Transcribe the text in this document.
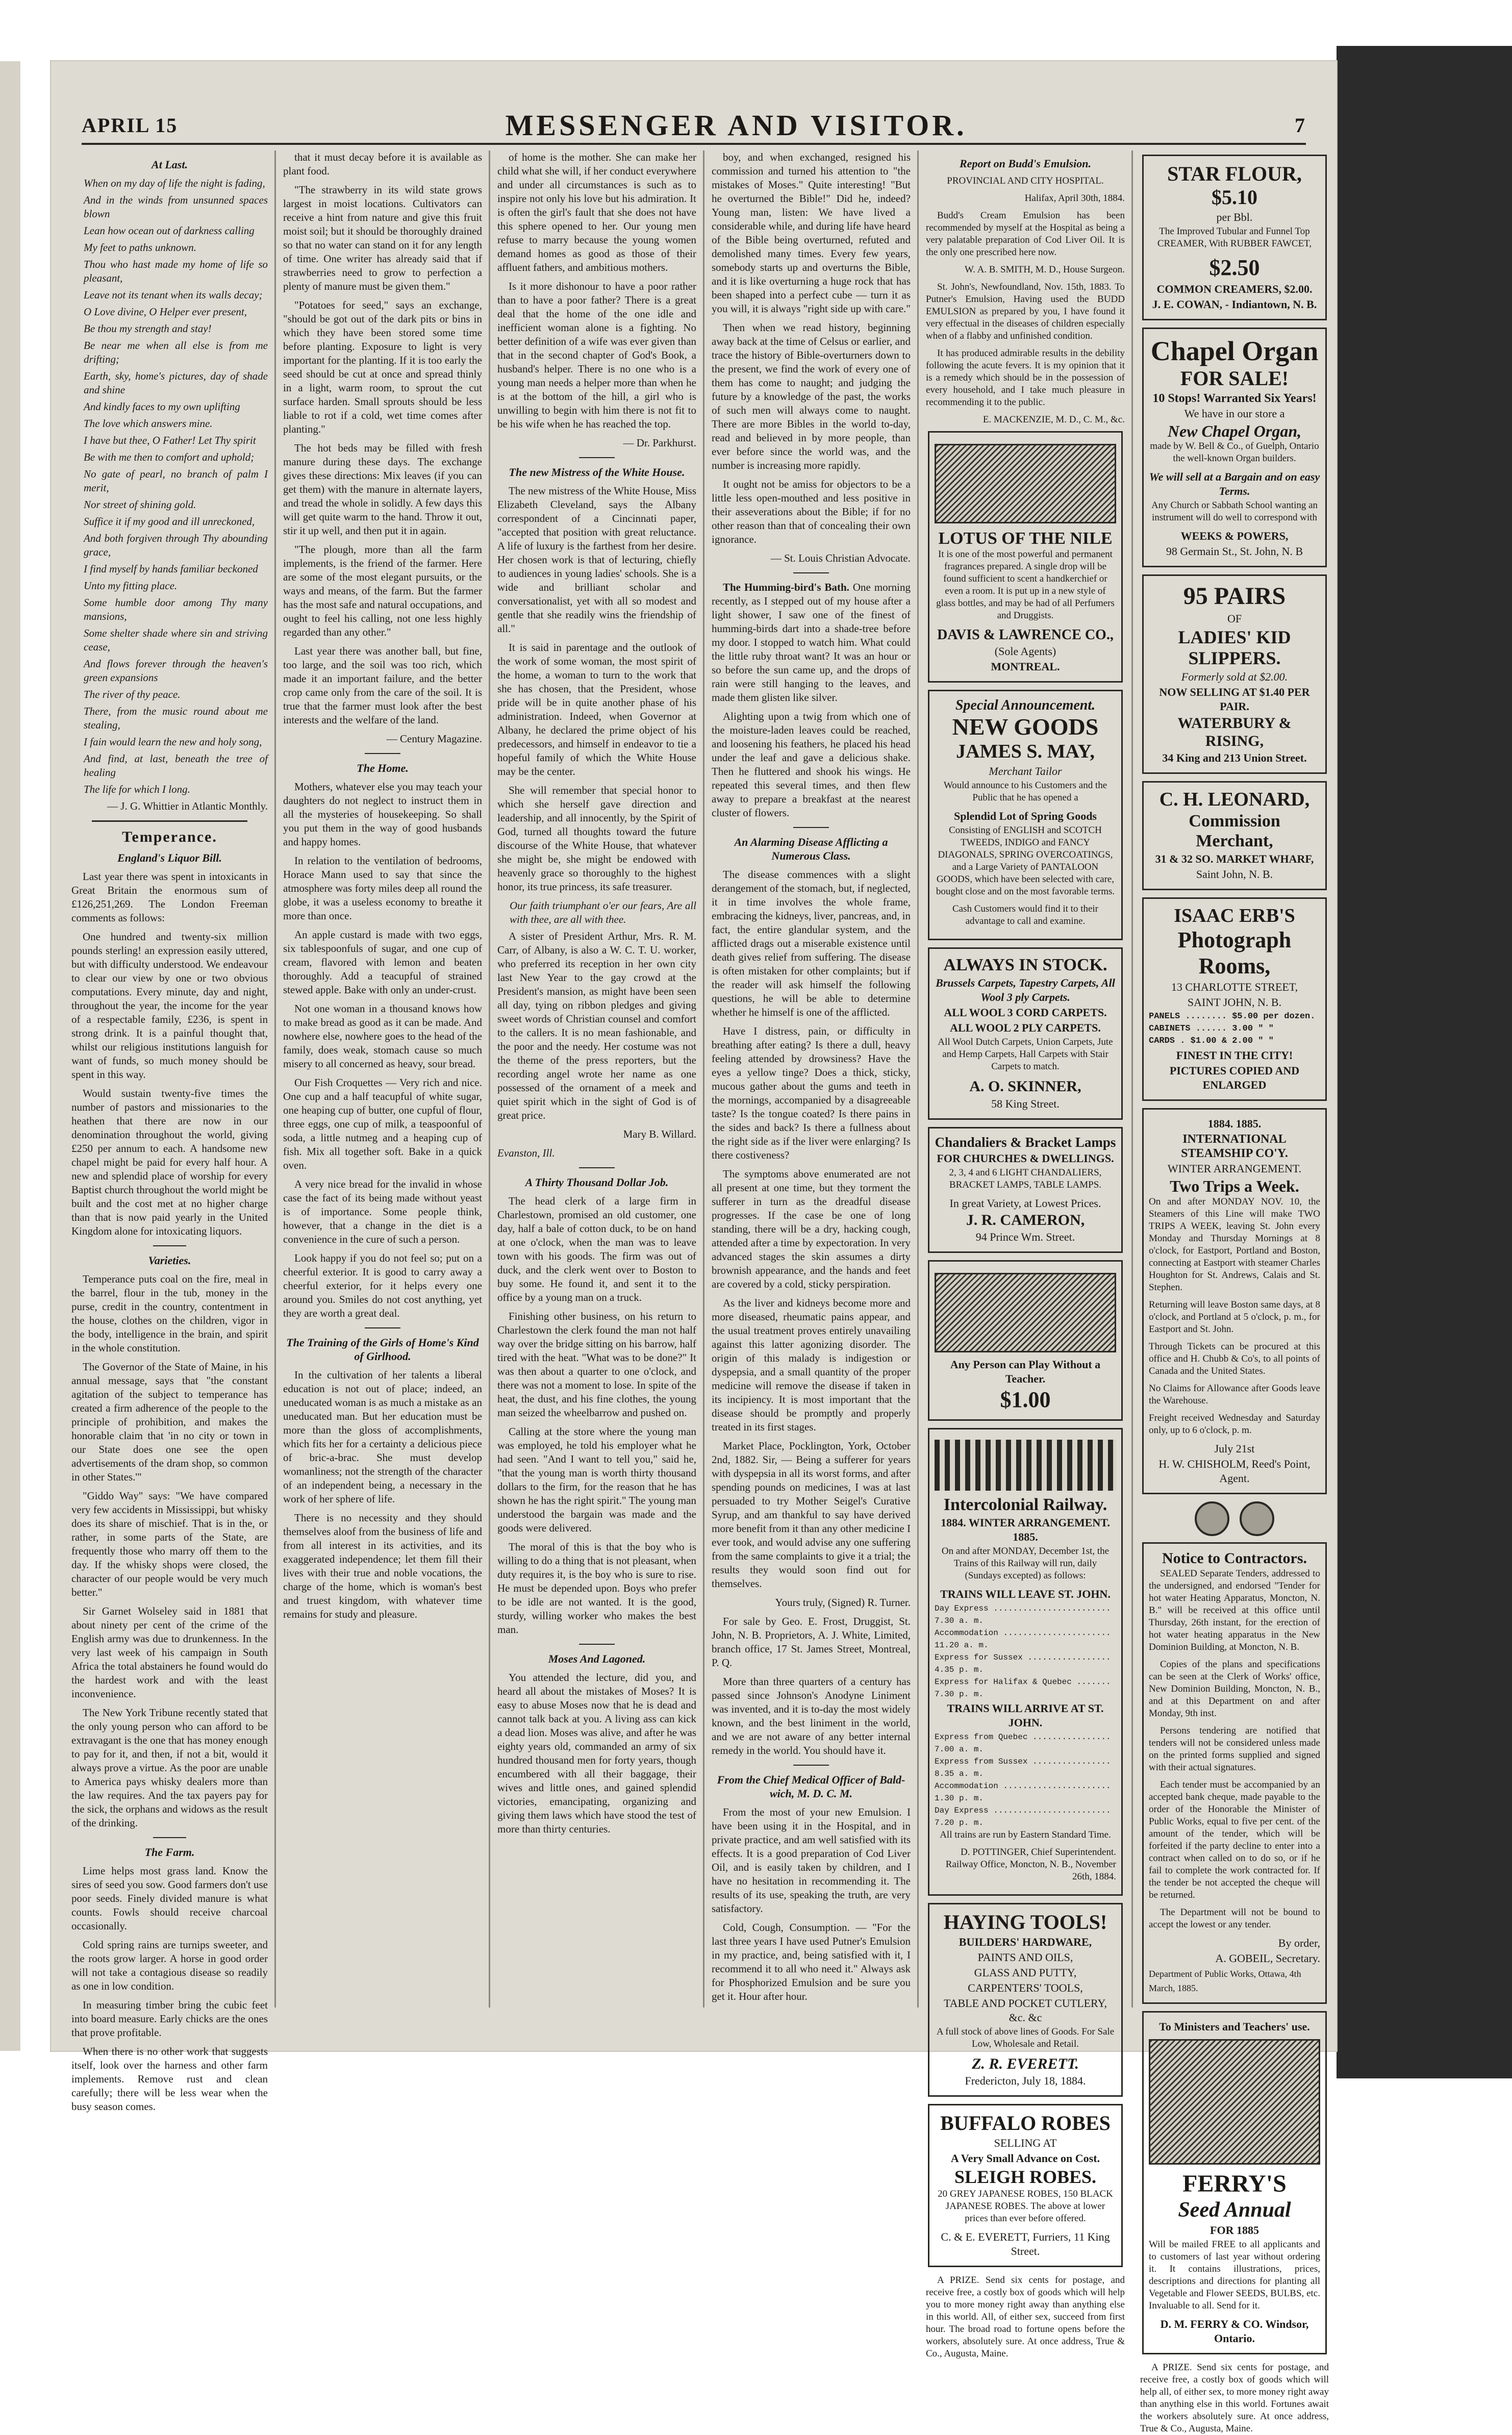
APRIL 15	MESSENGER AND VISITOR.	7
At Last.

When on my day of life the night is fading,

And in the winds from unsunned spaces blown

Lean how ocean out of darkness calling

My feet to paths unknown.

Thou who hast made my home of life so pleasant,

Leave not its tenant when its walls decay;

O Love divine, O Helper ever present,

Be thou my strength and stay!

Be near me when all else is from me drifting;

Earth, sky, home's pictures, day of shade and shine

And kindly faces to my own uplifting

The love which answers mine.

I have but thee, O Father! Let Thy spirit

Be with me then to comfort and uphold;

No gate of pearl, no branch of palm I merit,

Nor street of shining gold.

Suffice it if my good and ill unreckoned,

And both forgiven through Thy abounding grace,

I find myself by hands familiar beckoned

Unto my fitting place.

Some humble door among Thy many mansions,

Some shelter shade where sin and striving cease,

And flows forever through the heaven's green expansions

The river of thy peace.

There, from the music round about me stealing,

I fain would learn the new and holy song,

And find, at last, beneath the tree of healing

The life for which I long.

— J. G. Whittier in Atlantic Monthly.

Temperance.
England's Liquor Bill.

Last year there was spent in intoxicants in Great Britain the enormous sum of £126,251,269. The London Freeman comments as follows:

One hundred and twenty-six million pounds sterling! an expression easily uttered, but with difficulty understood. We endeavour to clear our view by one or two obvious computations. Every minute, day and night, throughout the year, the income for the year of a respectable family, £236, is spent in strong drink. It is a painful thought that, whilst our religious institutions languish for want of funds, so much money should be spent in this way.

Would sustain twenty-five times the number of pastors and missionaries to the heathen that there are now in our denomination throughout the world, giving £250 per annum to each. A handsome new chapel might be paid for every half hour. A new and splendid place of worship for every Baptist church throughout the world might be built and the cost met at no higher charge than that is now paid yearly in the United Kingdom alone for intoxicating liquors.

Varieties.

Temperance puts coal on the fire, meal in the barrel, flour in the tub, money in the purse, credit in the country, contentment in the house, clothes on the children, vigor in the body, intelligence in the brain, and spirit in the whole constitution.

The Governor of the State of Maine, in his annual message, says that "the constant agitation of the subject to temperance has created a firm adherence of the people to the principle of prohibition, and makes the honorable claim that 'in no city or town in our State does one see the open advertisements of the dram shop, so common in other States.'"

"Giddo Way" says: "We have compared very few accidents in Mississippi, but whisky does its share of mischief. That is in the, or rather, in some parts of the State, are frequently those who marry off them to the day. If the whisky shops were closed, the character of our people would be very much better."

Sir Garnet Wolseley said in 1881 that about ninety per cent of the crime of the English army was due to drunkenness. In the very last week of his campaign in South Africa the total abstainers he found would do the hardest work and with the least inconvenience.

The New York Tribune recently stated that the only young person who can afford to be extravagant is the one that has money enough to pay for it, and then, if not a bit, would it always prove a virtue. As the poor are unable to America pays whisky dealers more than the law requires. And the tax payers pay for the sick, the orphans and widows as the result of the drinking.

The Farm.

Lime helps most grass land. Know the sires of seed you sow. Good farmers don't use poor seeds. Finely divided manure is what counts. Fowls should receive charcoal occasionally.

Cold spring rains are turnips sweeter, and the roots grow larger. A horse in good order will not take a contagious disease so readily as one in low condition.

In measuring timber bring the cubic feet into board measure. Early chicks are the ones that prove profitable.

When there is no other work that suggests itself, look over the harness and other farm implements. Remove rust and clean carefully; there will be less wear when the busy season comes.

that it must decay before it is available as plant food.

"The strawberry in its wild state grows largest in moist locations. Cultivators can receive a hint from nature and give this fruit moist soil; but it should be thoroughly drained so that no water can stand on it for any length of time. One writer has already said that if strawberries need to grow to perfection a plenty of manure must be given them."

"Potatoes for seed," says an exchange, "should be got out of the dark pits or bins in which they have been stored some time before planting. Exposure to light is very important for the planting. If it is too early the seed should be cut at once and spread thinly in a light, warm room, to sprout the cut surface harden. Small sprouts should be less liable to rot if a cold, wet time comes after planting."

The hot beds may be filled with fresh manure during these days. The exchange gives these directions: Mix leaves (if you can get them) with the manure in alternate layers, and tread the whole in solidly. A few days this will get quite warm to the hand. Throw it out, stir it up well, and then put it in again.

"The plough, more than all the farm implements, is the friend of the farmer. Here are some of the most elegant pursuits, or the ways and means, of the farm. But the farmer has the most safe and natural occupations, and ought to feel his calling, not one less highly regarded than any other."

Last year there was another ball, but fine, too large, and the soil was too rich, which made it an important failure, and the better crop came only from the care of the soil. It is true that the farmer must look after the best interests and the welfare of the land.

— Century Magazine.

The Home.

Mothers, whatever else you may teach your daughters do not neglect to instruct them in all the mysteries of housekeeping. So shall you put them in the way of good husbands and happy homes.

In relation to the ventilation of bedrooms, Horace Mann used to say that since the atmosphere was forty miles deep all round the globe, it was a useless economy to breathe it more than once.

An apple custard is made with two eggs, six tablespoonfuls of sugar, and one cup of cream, flavored with lemon and beaten thoroughly. Add a teacupful of strained stewed apple. Bake with only an under-crust.

Not one woman in a thousand knows how to make bread as good as it can be made. And nowhere else, nowhere goes to the head of the family, does weak, stomach cause so much misery to all concerned as heavy, sour bread.

Our Fish Croquettes — Very rich and nice. One cup and a half teacupful of white sugar, one heaping cup of butter, one cupful of flour, three eggs, one cup of milk, a teaspoonful of soda, a little nutmeg and a heaping cup of fish. Mix all together soft. Bake in a quick oven.

A very nice bread for the invalid in whose case the fact of its being made without yeast is of importance. Some people think, however, that a change in the diet is a convenience in the cure of such a person.

Look happy if you do not feel so; put on a cheerful exterior. It is good to carry away a cheerful exterior, for it helps every one around you. Smiles do not cost anything, yet they are worth a great deal.

The Training of the Girls of Home's Kind of Girlhood.

In the cultivation of her talents a liberal education is not out of place; indeed, an uneducated woman is as much a mistake as an uneducated man. But her education must be more than the gloss of accomplishments, which fits her for a certainty a delicious piece of bric-a-brac. She must develop womanliness; not the strength of the character of an independent being, a necessary in the work of her sphere of life.

There is no necessity and they should themselves aloof from the business of life and from all interest in its activities, and its exaggerated independence; let them fill their lives with their true and noble vocations, the charge of the home, which is woman's best and truest kingdom, with whatever time remains for study and pleasure.

of home is the mother. She can make her child what she will, if her conduct everywhere and under all circumstances is such as to inspire not only his love but his admiration. It is often the girl's fault that she does not have this sphere opened to her. Our young men refuse to marry because the young women demand homes as good as those of their affluent fathers, and ambitious mothers.

Is it more dishonour to have a poor rather than to have a poor father? There is a great deal that the home of the one idle and inefficient woman alone is a fighting. No better definition of a wife was ever given than that in the second chapter of God's Book, a husband's helper. There is no one who is a young man needs a helper more than when he is at the bottom of the hill, a girl who is unwilling to begin with him there is not fit to be his wife when he has reached the top.

— Dr. Parkhurst.

The new Mistress of the White House.

The new mistress of the White House, Miss Elizabeth Cleveland, says the Albany correspondent of a Cincinnati paper, "accepted that position with great reluctance. A life of luxury is the farthest from her desire. Her chosen work is that of lecturing, chiefly to audiences in young ladies' schools. She is a wide and brilliant scholar and conversationalist, yet with all so modest and gentle that she readily wins the friendship of all."

It is said in parentage and the outlook of the work of some woman, the most spirit of the home, a woman to turn to the work that she has chosen, that the President, whose pride will be in quite another phase of his administration. Indeed, when Governor at Albany, he declared the prime object of his predecessors, and himself in endeavor to tie a hopeful family of which the White House may be the center.

She will remember that special honor to which she herself gave direction and leadership, and all innocently, by the Spirit of God, turned all thoughts toward the future discourse of the White House, that whatever she might be, she might be endowed with heavenly grace so thoroughly to the highest honor, its true princess, its safe treasurer.

Our faith triumphant o'er our fears, Are all with thee, are all with thee.

A sister of President Arthur, Mrs. R. M. Carr, of Albany, is also a W. C. T. U. worker, who preferred its reception in her own city last New Year to the gay crowd at the President's mansion, as might have been seen all day, tying on ribbon pledges and giving sweet words of Christian counsel and comfort to the callers. It is no mean fashionable, and the poor and the needy. Her costume was not the theme of the press reporters, but the recording angel wrote her name as one possessed of the ornament of a meek and quiet spirit which in the sight of God is of great price.

Mary B. Willard.

Evanston, Ill.

A Thirty Thousand Dollar Job.

The head clerk of a large firm in Charlestown, promised an old customer, one day, half a bale of cotton duck, to be on hand at one o'clock, when the man was to leave town with his goods. The firm was out of duck, and the clerk went over to Boston to buy some. He found it, and sent it to the office by a young man on a truck.

Finishing other business, on his return to Charlestown the clerk found the man not half way over the bridge sitting on his barrow, half tired with the heat. "What was to be done?" It was then about a quarter to one o'clock, and there was not a moment to lose. In spite of the heat, the dust, and his fine clothes, the young man seized the wheelbarrow and pushed on.

Calling at the store where the young man was employed, he told his employer what he had seen. "And I want to tell you," said he, "that the young man is worth thirty thousand dollars to the firm, for the reason that he has shown he has the right spirit." The young man understood the bargain was made and the goods were delivered.

The moral of this is that the boy who is willing to do a thing that is not pleasant, when duty requires it, is the boy who is sure to rise. He must be depended upon. Boys who prefer to be idle are not wanted. It is the good, sturdy, willing worker who makes the best man.

Moses And Lagoned.

You attended the lecture, did you, and heard all about the mistakes of Moses? It is easy to abuse Moses now that he is dead and cannot talk back at you. A living ass can kick a dead lion. Moses was alive, and after he was eighty years old, commanded an army of six hundred thousand men for forty years, though encumbered with all their baggage, their wives and little ones, and gained splendid victories, emancipating, organizing and giving them laws which have stood the test of more than thirty centuries.

boy, and when exchanged, resigned his commission and turned his attention to "the mistakes of Moses." Quite interesting! "But he overturned the Bible!" Did he, indeed? Young man, listen: We have lived a considerable while, and during life have heard of the Bible being overturned, refuted and demolished many times. Every few years, somebody starts up and overturns the Bible, and it is like overturning a huge rock that has been shaped into a perfect cube — turn it as you will, it is always "right side up with care."

Then when we read history, beginning away back at the time of Celsus or earlier, and trace the history of Bible-overturners down to the present, we find the work of every one of them has come to naught; and judging the future by a knowledge of the past, the works of such men will always come to naught. There are more Bibles in the world to-day, read and believed in by more people, than ever before since the world was, and the number is increasing more rapidly.

It ought not be amiss for objectors to be a little less open-mouthed and less positive in their asseverations about the Bible; if for no other reason than that of concealing their own ignorance.

— St. Louis Christian Advocate.

The Humming-bird's Bath. One morning recently, as I stepped out of my house after a light shower, I saw one of the finest of humming-birds dart into a shade-tree before my door. I stopped to watch him. What could the little ruby throat want? It was an hour or so before the sun came up, and the drops of rain were still hanging to the leaves, and made them glisten like silver.

Alighting upon a twig from which one of the moisture-laden leaves could be reached, and loosening his feathers, he placed his head under the leaf and gave a delicious shake. Then he fluttered and shook his wings. He repeated this several times, and then flew away to prepare a breakfast at the nearest cluster of flowers.

An Alarming Disease Afflicting a Numerous Class.

The disease commences with a slight derangement of the stomach, but, if neglected, it in time involves the whole frame, embracing the kidneys, liver, pancreas, and, in fact, the entire glandular system, and the afflicted drags out a miserable existence until death gives relief from suffering. The disease is often mistaken for other complaints; but if the reader will ask himself the following questions, he will be able to determine whether he himself is one of the afflicted.

Have I distress, pain, or difficulty in breathing after eating? Is there a dull, heavy feeling attended by drowsiness? Have the eyes a yellow tinge? Does a thick, sticky, mucous gather about the gums and teeth in the mornings, accompanied by a disagreeable taste? Is the tongue coated? Is there pains in the sides and back? Is there a fullness about the right side as if the liver were enlarging? Is there costiveness?

The symptoms above enumerated are not all present at one time, but they torment the sufferer in turn as the dreadful disease progresses. If the case be one of long standing, there will be a dry, hacking cough, attended after a time by expectoration. In very advanced stages the skin assumes a dirty brownish appearance, and the hands and feet are covered by a cold, sticky perspiration.

As the liver and kidneys become more and more diseased, rheumatic pains appear, and the usual treatment proves entirely unavailing against this latter agonizing disorder. The origin of this malady is indigestion or dyspepsia, and a small quantity of the proper medicine will remove the disease if taken in its incipiency. It is most important that the disease should be promptly and properly treated in its first stages.

Market Place, Pocklington, York, October 2nd, 1882. Sir, — Being a sufferer for years with dyspepsia in all its worst forms, and after spending pounds on medicines, I was at last persuaded to try Mother Seigel's Curative Syrup, and am thankful to say have derived more benefit from it than any other medicine I ever took, and would advise any one suffering from the same complaints to give it a trial; the results they would soon find out for themselves.

Yours truly, (Signed) R. Turner.

For sale by Geo. E. Frost, Druggist, St. John, N. B. Proprietors, A. J. White, Limited, branch office, 17 St. James Street, Montreal, P. Q.

More than three quarters of a century has passed since Johnson's Anodyne Liniment was invented, and it is to-day the most widely known, and the best liniment in the world, and we are not aware of any better internal remedy in the world. You should have it.

From the Chief Medical Officer of Bald-wich, M. D. C. M.

From the most of your new Emulsion. I have been using it in the Hospital, and in private practice, and am well satisfied with its effects. It is a good preparation of Cod Liver Oil, and is easily taken by children, and I have no hesitation in recommending it. The results of its use, speaking the truth, are very satisfactory.

Cold, Cough, Consumption. — "For the last three years I have used Putner's Emulsion in my practice, and, being satisfied with it, I recommend it to all who need it." Always ask for Phosphorized Emulsion and be sure you get it. Hour after hour.

Report on Budd's Emulsion.

PROVINCIAL AND CITY HOSPITAL.

Halifax, April 30th, 1884.

Budd's Cream Emulsion has been recommended by myself at the Hospital as being a very palatable preparation of Cod Liver Oil. It is the only one prescribed here now.

W. A. B. SMITH, M. D., House Surgeon.

St. John's, Newfoundland, Nov. 15th, 1883. To Putner's Emulsion, Having used the BUDD EMULSION as prepared by you, I have found it very effectual in the diseases of children especially when of a flabby and unfinished condition.

It has produced admirable results in the debility following the acute fevers. It is my opinion that it is a remedy which should be in the possession of every household, and I take much pleasure in recommending it to the public.

E. MACKENZIE, M. D., C. M., &c.

LOTUS OF THE NILE

It is one of the most powerful and permanent fragrances prepared. A single drop will be found sufficient to scent a handkerchief or even a room. It is put up in a new style of glass bottles, and may be had of all Perfumers and Druggists.

DAVIS & LAWRENCE CO.,
(Sole Agents)
MONTREAL.
Special Announcement.
NEW GOODS
JAMES S. MAY,
Merchant Tailor

Would announce to his Customers and the Public that he has opened a

Splendid Lot of Spring Goods

Consisting of ENGLISH and SCOTCH TWEEDS, INDIGO and FANCY DIAGONALS, SPRING OVERCOATINGS, and a Large Variety of PANTALOON GOODS, which have been selected with care, bought close and on the most favorable terms.

Cash Customers would find it to their advantage to call and examine.

ALWAYS IN STOCK.
Brussels Carpets, Tapestry Carpets, All Wool 3 ply Carpets.
ALL WOOL 3 CORD CARPETS.
ALL WOOL 2 PLY CARPETS.

All Wool Dutch Carpets, Union Carpets, Jute and Hemp Carpets, Hall Carpets with Stair Carpets to match.

A. O. SKINNER,
58 King Street.
Chandaliers & Bracket Lamps
FOR CHURCHES & DWELLINGS.

2, 3, 4 and 6 LIGHT CHANDALIERS, BRACKET LAMPS, TABLE LAMPS.

In great Variety, at Lowest Prices.
J. R. CAMERON,
94 Prince Wm. Street.
Any Person can Play Without a Teacher.
$1.00
Intercolonial Railway.
1884. WINTER ARRANGEMENT. 1885.

On and after MONDAY, December 1st, the Trains of this Railway will run, daily (Sundays excepted) as follows:

TRAINS WILL LEAVE ST. JOHN.
Day Express ........................ 7.30 a. m.
Accommodation ...................... 11.20 a. m.
Express for Sussex ................. 4.35 p. m.
Express for Halifax & Quebec ....... 7.30 p. m.
TRAINS WILL ARRIVE AT ST. JOHN.
Express from Quebec ................ 7.00 a. m.
Express from Sussex ................ 8.35 a. m.
Accommodation ...................... 1.30 p. m.
Day Express ........................ 7.20 p. m.

All trains are run by Eastern Standard Time.

D. POTTINGER, Chief Superintendent. Railway Office, Moncton, N. B., November 26th, 1884.

HAYING TOOLS!
BUILDERS' HARDWARE,
PAINTS AND OILS,
GLASS AND PUTTY,
CARPENTERS' TOOLS,
TABLE AND POCKET CUTLERY, &c. &c

A full stock of above lines of Goods. For Sale Low, Wholesale and Retail.

Z. R. EVERETT.
Fredericton, July 18, 1884.
BUFFALO ROBES
SELLING AT
A Very Small Advance on Cost.
SLEIGH ROBES.

20 GREY JAPANESE ROBES, 150 BLACK JAPANESE ROBES. The above at lower prices than ever before offered.

C. & E. EVERETT, Furriers, 11 King Street.

A PRIZE. Send six cents for postage, and receive free, a costly box of goods which will help you to more money right away than anything else in this world. All, of either sex, succeed from first hour. The broad road to fortune opens before the workers, absolutely sure. At once address, True & Co., Augusta, Maine.

STAR FLOUR, $5.10
per Bbl.

The Improved Tubular and Funnel Top CREAMER, With RUBBER FAWCET,

$2.50
COMMON CREAMERS, $2.00.
J. E. COWAN, - Indiantown, N. B.
Chapel Organ
FOR SALE!
10 Stops! Warranted Six Years!
We have in our store a
New Chapel Organ,

made by W. Bell & Co., of Guelph, Ontario the well-known Organ builders.

We will sell at a Bargain and on easy Terms.

Any Church or Sabbath School wanting an instrument will do well to correspond with

WEEKS & POWERS,
98 Germain St., St. John, N. B
95 PAIRS
OF
LADIES' KID SLIPPERS.
Formerly sold at $2.00.
NOW SELLING AT $1.40 PER PAIR.
WATERBURY & RISING,
34 King and 213 Union Street.
C. H. LEONARD,
Commission Merchant,
31 & 32 SO. MARKET WHARF,
Saint John, N. B.
ISAAC ERB'S
Photograph Rooms,
13 CHARLOTTE STREET,
SAINT JOHN, N. B.
PANELS ........ $5.00 per dozen.
CABINETS ...... 3.00 " "
CARDS . $1.00 & 2.00 " "
FINEST IN THE CITY!
PICTURES COPIED AND ENLARGED
1884. 1885.
INTERNATIONAL STEAMSHIP CO'Y.
WINTER ARRANGEMENT.
Two Trips a Week.

On and after MONDAY NOV. 10, the Steamers of this Line will make TWO TRIPS A WEEK, leaving St. John every Monday and Thursday Mornings at 8 o'clock, for Eastport, Portland and Boston, connecting at Eastport with steamer Charles Houghton for St. Andrews, Calais and St. Stephen.

Returning will leave Boston same days, at 8 o'clock, and Portland at 5 o'clock, p. m., for Eastport and St. John.

Through Tickets can be procured at this office and H. Chubb & Co's, to all points of Canada and the United States.

No Claims for Allowance after Goods leave the Warehouse.

Freight received Wednesday and Saturday only, up to 6 o'clock, p. m.

July 21st
H. W. CHISHOLM, Reed's Point, Agent.
Notice to Contractors.

SEALED Separate Tenders, addressed to the undersigned, and endorsed "Tender for hot water Heating Apparatus, Moncton, N. B." will be received at this office until Thursday, 26th instant, for the erection of hot water heating apparatus in the New Dominion Building, at Moncton, N. B.

Copies of the plans and specifications can be seen at the Clerk of Works' office, New Dominion Building, Moncton, N. B., and at this Department on and after Monday, 9th inst.

Persons tendering are notified that tenders will not be considered unless made on the printed forms supplied and signed with their actual signatures.

Each tender must be accompanied by an accepted bank cheque, made payable to the order of the Honorable the Minister of Public Works, equal to five per cent. of the amount of the tender, which will be forfeited if the party decline to enter into a contract when called on to do so, or if he fail to complete the work contracted for. If the tender be not accepted the cheque will be returned.

The Department will not be bound to accept the lowest or any tender.

By order,
A. GOBEIL, Secretary.
Department of Public Works, Ottawa, 4th March, 1885.
To Ministers and Teachers' use.
FERRY'S
Seed Annual
FOR 1885

Will be mailed FREE to all applicants and to customers of last year without ordering it. It contains illustrations, prices, descriptions and directions for planting all Vegetable and Flower SEEDS, BULBS, etc. Invaluable to all. Send for it.

D. M. FERRY & CO. Windsor, Ontario.

A PRIZE. Send six cents for postage, and receive free, a costly box of goods which will help all, of either sex, to more money right away than anything else in this world. Fortunes await the workers absolutely sure. At once address, True & Co., Augusta, Maine.
